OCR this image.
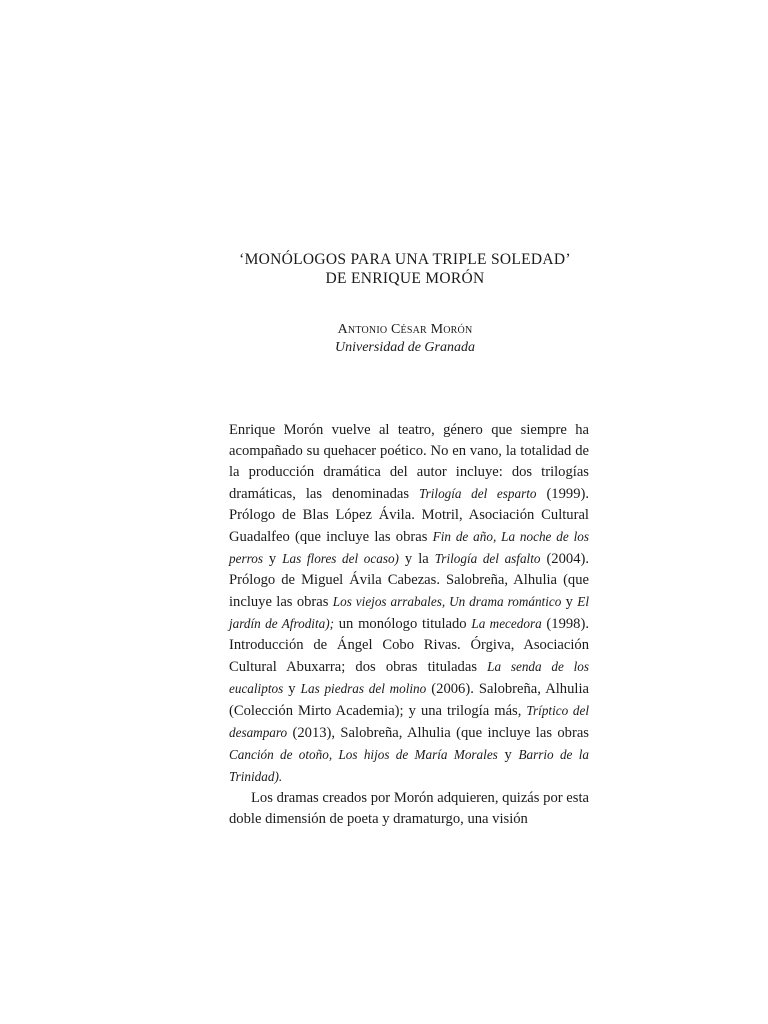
‘MONÓLOGOS PARA UNA TRIPLE SOLEDAD’
DE ENRIQUE MORÓN
Antonio César Morón
Universidad de Granada

Enrique Morón vuelve al teatro, género que siempre ha acompañado su quehacer poético. No en vano, la totalidad de la producción dramática del autor incluye: dos trilogías dramáticas, las denominadas Trilogía del esparto (1999). Prólogo de Blas López Ávila. Motril, Asociación Cultural Guadalfeo (que incluye las obras Fin de año, La noche de los perros y Las flores del ocaso) y la Trilogía del asfalto (2004). Prólogo de Miguel Ávila Cabezas. Salobreña, Alhulia (que incluye las obras Los viejos arrabales, Un drama romántico y El jardín de Afrodita); un monólogo titulado La mecedora (1998). Introducción de Ángel Cobo Rivas. Órgiva, Asociación Cultural Abuxarra; dos obras tituladas La senda de los eucaliptos y Las piedras del molino (2006). Salobreña, Alhulia (Colección Mirto Academia); y una trilogía más, Tríptico del desamparo (2013), Salobreña, Alhulia (que incluye las obras Canción de otoño, Los hijos de María Morales y Barrio de la Trinidad).

Los dramas creados por Morón adquieren, quizás por esta doble dimensión de poeta y dramaturgo, una visión
